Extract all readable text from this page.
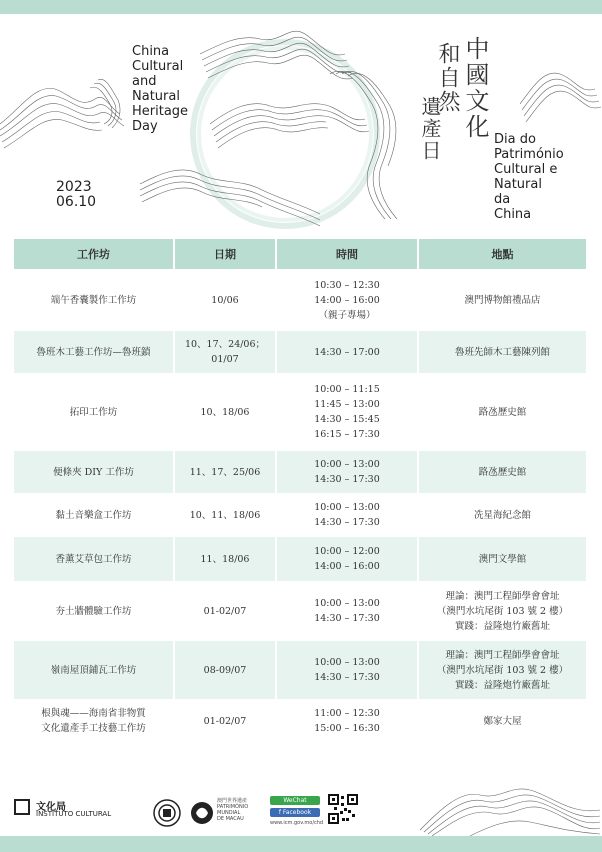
China
Cultural
and
Natural
Heritage
Day	中國文化
和自然
遺產日	Dia do
Património
Cultural e
Natural
da
China
2023
06.10
工作坊	日期	時間	地點

端午香囊製作工作坊	10/06	10:30 – 12:30
14:00 – 16:00
（親子專場）	澳門博物館禮品店

魯班木工藝工作坊—魯班鎖	10、17、24/06；
01/07	14:30 – 17:00	魯班先師木工藝陳列館

拓印工作坊	10、18/06	10:00 – 11:15
11:45 – 13:00
14:30 – 15:45
16:15 – 17:30	路氹歷史館

便條夾 DIY 工作坊	11、17、25/06	10:00 – 13:00
14:30 – 17:30	路氹歷史館

黏土音樂盒工作坊	10、11、18/06	10:00 – 13:00
14:30 – 17:30	冼星海紀念館

香薰艾草包工作坊	11、18/06	10:00 – 12:00
14:00 – 16:00	澳門文學館

夯土牆體驗工作坊	01-02/07	10:00 – 13:00
14:30 – 17:30	理論：澳門工程師學會會址
（澳門水坑尾街 103 號 2 樓）
實踐：益隆炮竹廠舊址

嶺南屋頂鋪瓦工作坊	08-09/07	10:00 – 13:00
14:30 – 17:30	理論：澳門工程師學會會址
（澳門水坑尾街 103 號 2 樓）
實踐：益隆炮竹廠舊址

根與魂——海南省非物質
文化遺產手工技藝工作坊	01-02/07	11:00 – 12:30
15:00 – 16:30	鄭家大屋
文化局
INSTITUTO CULTURAL
澳門世界遺產
PATRIMÓNIO
MUNDIAL
DE MACAU
WeChat
f Facebook
www.icm.gov.mo/chd
